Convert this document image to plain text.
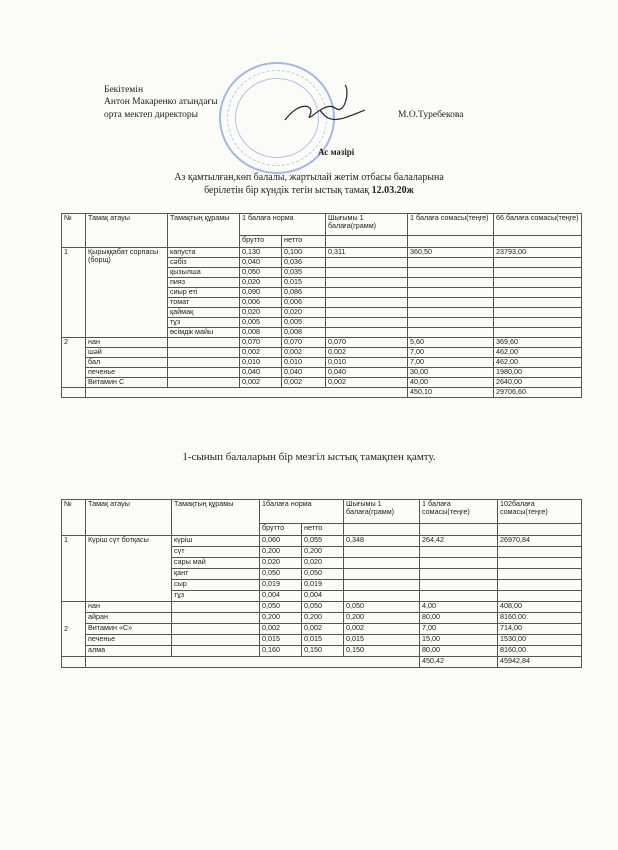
Бекітемін
Антон Макаренко атындағы
орта мектеп директоры	М.О.Туребекова
Ас мәзірі
Аз қамтылған,көп балалы, жартылай жетім отбасы балаларына
берілетін бір күндік тегін ыстық тамақ 12.03.20ж
№	Тамақ атауы	Тамақтың құрамы	1 балаға норма		Шығымы 1 балаға(грамм)	1 балаға сомасы(теңге)	66 балаға сомасы(теңге)
			брутто	нетто			
1	Қырыққабат сорпасы (борщ)	капуста	0,130	0,100	0,311	360,50	23793,00
		сәбіз	0,040	0,036			
		қызылша	0,050	0,035			
		пияз	0,020	0,015			
		сиыр еті	0,090	0,086			
		томат	0,006	0,006			
		қаймақ	0,020	0,020			
		тұз	0,005	0,005			
		өсімдік майы	0,008	0,008			
2	нан		0,070	0,070	0,070	5,60	369,60
	шәй		0,002	0,002	0,002	7,00	462,00
	бал		0,010	0,010	0,010	7,00	462,00
	печенье		0,040	0,040	0,040	30,00	1980,00
	Витамин С		0,002	0,002	0,002	40,00	2640,00
						450,10	29706,60
1-сынып балаларын бір мезгіл ыстық тамақпен қамту.
№	Тамақ атауы	Тамақтың құрамы	1балаға норма		Шығымы 1 балаға(грамм)	1 балаға сомасы(теңге)	102балаға сомасы(теңге)
			брутто	нетто			
1	Күріш сүт ботқасы	күріш	0,060	0,055	0,348	264,42	26970,84
		сүт	0,200	0,200			
		сары май	0,020	0,020			
		қант	0,050	0,050			
		сыр	0,019	0,019			
		тұз	0,004	0,004			
2	нан		0,050	0,050	0,050	4,00	408,00
	айран		0,200	0,200	0,200	80,00	8160,00
	Витамин «С»		0,002	0,002	0,002	7,00	714,00
	печенье		0,015	0,015	0,015	15,00	1530,00
	алма		0,160	0,150	0,150	80,00	8160,00
						450,42	45942,84
